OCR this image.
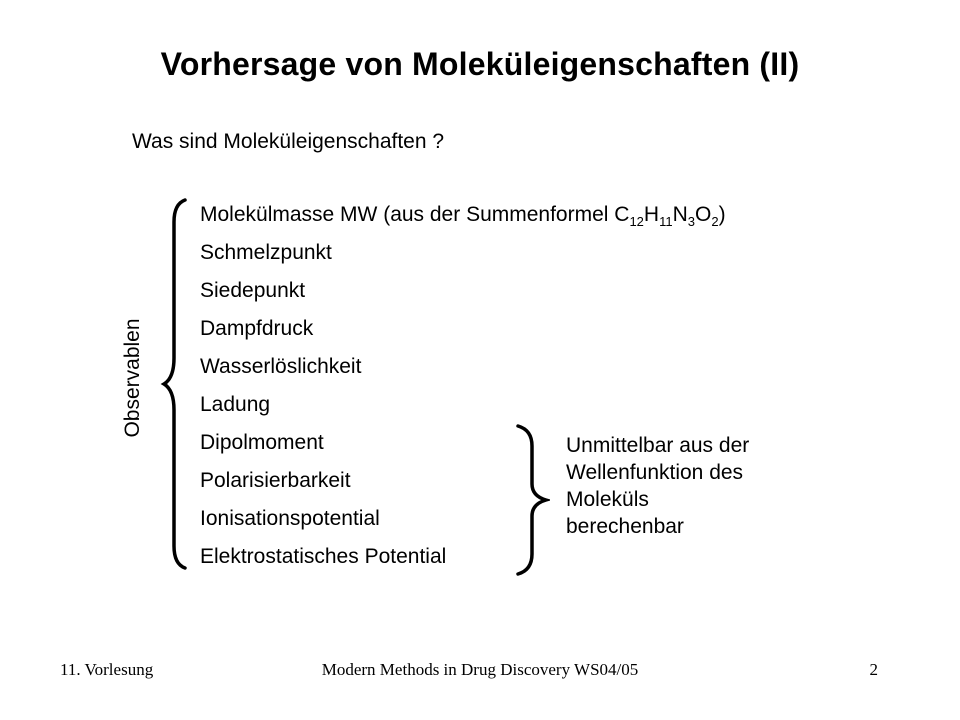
Vorhersage von Moleküleigenschaften (II)
Was sind Moleküleigenschaften ?
Molekülmasse MW (aus der Summenformel $C_{12}H_{11}N_3O_2$)
Schmelzpunkt
Siedepunkt
Dampfdruck
Wasserlöslichkeit
Ladung
Dipolmoment
Polarisierbarkeit
Ionisationspotential
Elektrostatisches Potential
Observablen
Unmittelbar aus der
Wellenfunktion des
Moleküls
berechenbar
Modern Methods in Drug Discovery WS04/05
11. Vorlesung	2
